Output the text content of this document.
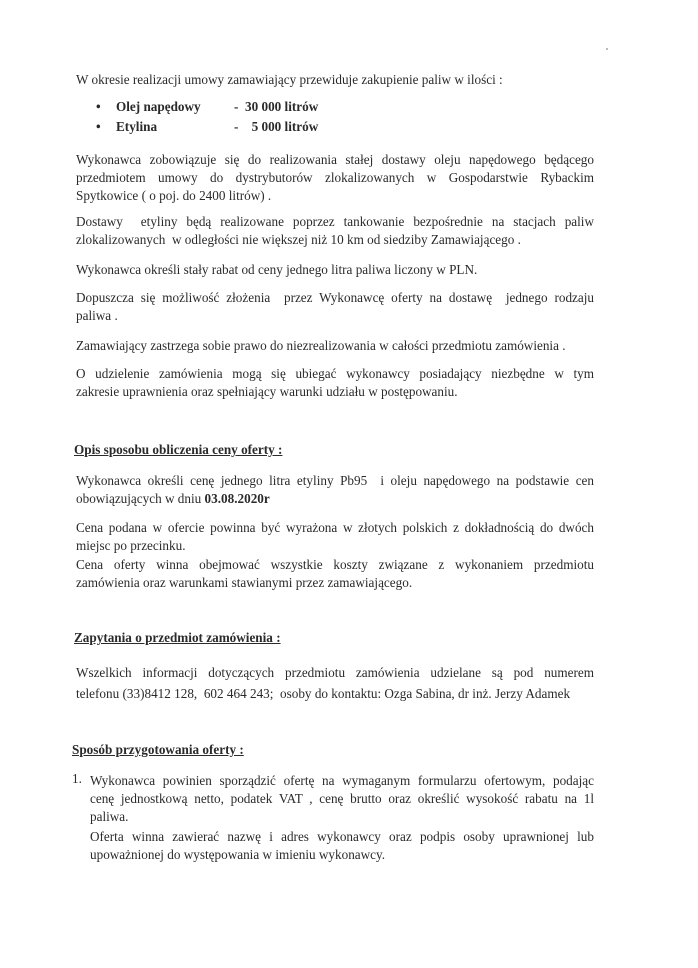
W okresie realizacji umowy zamawiający przewiduje zakupienie paliw w ilości :

• Olej napędowy	-  30 000 litrów
• Etylina	-    5 000 litrów

Wykonawca zobowiązuje się do realizowania stałej dostawy oleju napędowego będącego

przedmiotem umowy do dystrybutorów zlokalizowanych w Gospodarstwie Rybackim

Spytkowice ( o poj. do 2400 litrów) .

Dostawy  etyliny będą realizowane poprzez tankowanie bezpośrednie na stacjach paliw

zlokalizowanych  w odległości nie większej niż 10 km od siedziby Zamawiającego .

Wykonawca określi stały rabat od ceny jednego litra paliwa liczony w PLN.

Dopuszcza się możliwość złożenia  przez Wykonawcę oferty na dostawę  jednego rodzaju

paliwa .

Zamawiający zastrzega sobie prawo do niezrealizowania w całości przedmiotu zamówienia .

O udzielenie zamówienia mogą się ubiegać wykonawcy posiadający niezbędne w tym

zakresie uprawnienia oraz spełniający warunki udziału w postępowaniu.

Opis sposobu obliczenia ceny oferty :

Wykonawca określi cenę jednego litra etyliny Pb95  i oleju napędowego na podstawie cen

obowiązujących w dniu 03.08.2020r

Cena podana w ofercie powinna być wyrażona w złotych polskich z dokładnością do dwóch

miejsc po przecinku.

Cena oferty winna obejmować wszystkie koszty związane z wykonaniem przedmiotu

zamówienia oraz warunkami stawianymi przez zamawiającego.

Zapytania o przedmiot zamówienia :

Wszelkich informacji dotyczących przedmiotu zamówienia udzielane są pod numerem

telefonu (33)8412 128,  602 464 243;  osoby do kontaktu: Ozga Sabina, dr inż. Jerzy Adamek

Sposób przygotowania oferty :
1. Wykonawca powinien sporządzić ofertę na wymaganym formularzu ofertowym, podając

cenę jednostkową netto, podatek VAT , cenę brutto oraz określić wysokość rabatu na 1l

paliwa.

Oferta winna zawierać nazwę i adres wykonawcy oraz podpis osoby uprawnionej lub

upoważnionej do występowania w imieniu wykonawcy.
